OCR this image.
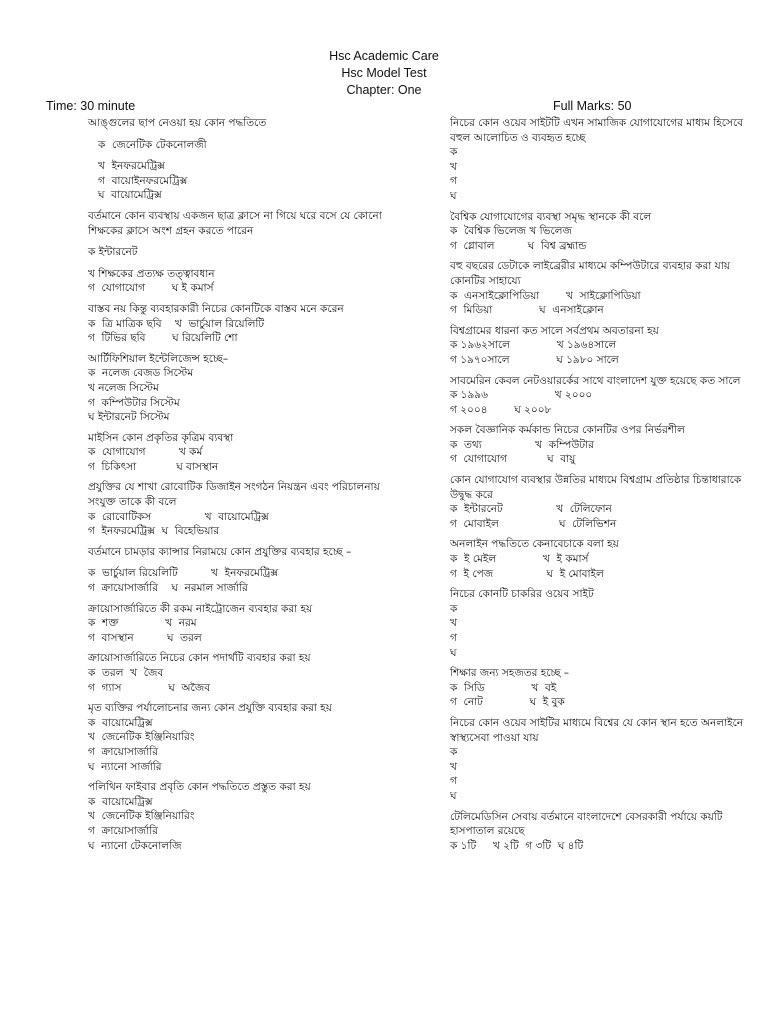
Hsc Academic Care
Hsc Model Test
Chapter: One
Time: 30 minute	Full Marks: 50

আঙ্গুলের ছাপ নেওয়া হয় কোন পদ্ধতিতে

ক  জেনেটিক টেকনোলজী

খ  ইনফরমেট্রিক্স

গ  বায়োইনফরমেট্রিক্স

ঘ  বায়োমেট্রিক্স

বর্তমানে কোন ব্যবস্থায় একজন ছাত্র ক্লাসে না গিয়ে ঘরে বসে যে কোনো শিক্ষকের ক্লাসে অংশ গ্রহন করতে পারেন

ক ইন্টারনেট

খ শিক্ষকের প্রত্যক্ষ তত্ত্বাবধান

গ  যোগাযোগ        ঘ ই কমার্স

বাস্তব নয় কিন্তু ব্যবহারকারী নিচের কোনটিকে বাস্তব মনে করেন

ক  ত্রি মাত্রিক ছবি    খ  ভার্চুয়াল রিয়েলিটি

গ  টিভির ছবি        ঘ রিয়েলিটি শো

আর্টিফিশিয়াল ইন্টেলিজেন্স হচ্ছে–

ক  নলেজ বেজড সিস্টেম

খ নলেজ সিস্টেম

গ  কম্পিউটার সিস্টেম

ঘ ইন্টারনেট সিস্টেম

মাইসিন কোন প্রকৃতির কৃত্রিম ব্যবস্থা

ক  যোগাযোগ          খ কর্ম

গ  চিকিৎসা            ঘ বাসস্থান

প্রযুক্তির যে শাখা রোবোটিক ডিজাইন সংগঠন নিয়ন্ত্রন এবং পরিচালনায় সংযুক্ত তাকে কী বলে

ক  রোবোটিকস                খ  বায়োমেট্রিক্স

গ  ইনফরমেট্রিক্স  ঘ  বিহেভিয়ার

বর্তমানে চামড়ার ক্যান্সার নিরাময়ে কোন প্রযুক্তির ব্যবহার হচ্ছে –

ক  ভার্চুয়াল রিয়েলিটি          খ  ইনফরমেট্রিক্স

গ  ক্রায়োসার্জারি    ঘ  নরমাল সার্জারি

ক্রায়োসার্জারিতে কী রকম নাইট্রোজেন ব্যবহার করা হয়

ক  শক্ত              খ  নরম

গ  বাসস্থান          ঘ  তরল

ক্রায়োসার্জারিতে নিচের কোন পদার্থটি ব্যবহার করা হয়

ক  তরল  খ  জৈব

গ  গ্যাস              ঘ  অজৈব

মৃত ব্যক্তির পর্যালোচনার জন্য কোন প্রযুক্তি ব্যবহার করা হয়

ক  বায়োমেট্রিক্স

খ  জেনেটিক ইঞ্জিনিয়ারিং

গ  ক্রায়োসার্জারি

ঘ  ন্যানো সার্জারি

পলিথিন ফাইবার প্রবৃতি কোন পদ্ধতিতে প্রস্তুত করা হয়

ক  বায়োমেট্রিক্স

খ  জেনেটিক ইঞ্জিনিয়ারিং

গ  ক্রায়োসার্জারি

ঘ  ন্যানো টেকনোলজি

নিচের কোন ওয়েব সাইটটি এখন সামাজিক যোগাযোগের মাধ্যম হিসেবে বহুল আলোচিত ও ব্যবহৃত হচ্ছে

ক

খ

গ

ঘ

বৈশ্বিক যোগাযোগের ব্যবস্থা সমৃদ্ধ স্থানকে কী বলে

ক  বৈশ্বিক ভিলেজ খ ভিলেজ

গ  গ্লোবাল          ঘ  বিশ্ব ব্রহ্মান্ড

বহু বছরের ডেটাকে লাইব্রেরীর মাধ্যমে কম্পিউটারে ব্যবহার করা যায় কোনটির সাহায্যে

ক  এনসাইক্লোপিডিয়া        খ  সাইক্লোপিডিয়া

গ  মিডিয়া              ঘ  এনসাইক্লোন

বিশ্বগ্রামের ধারনা কত সালে সর্বপ্রথম অবতারনা হয়

ক ১৯৬২সালে              খ ১৯৬৪সালে

গ ১৯৭০সালে              ঘ ১৯৮০ সালে

সাবমেরিন কেবল নেটওয়ারর্কের সাথে বাংলাদেশ যুক্ত হয়েছে কত সালে

ক ১৯৯৬                    খ ২০০০

গ ২০০৪        ঘ ২০০৮

সকল বৈজ্ঞানিক কর্মকান্ড নিচের কোনটির ওপর নির্ভরশীল

ক  তথ্য                খ  কম্পিউটার

গ  যোগাযোগ            ঘ  বায়ু

কোন যোগাযোগ ব্যবস্থার উন্নতির মাধ্যমে বিশ্বগ্রাম প্রতিষ্ঠার চিন্তাধারাকে উদ্বুদ্ধ করে

ক  ইন্টারনেট                খ  টেলিফোন

গ  মোবাইল                  ঘ  টেলিভিশন

অনলাইন পদ্ধতিতে কেনাবেচাকে বলা হয়

ক  ই মেইল              খ  ই কমার্স

গ  ই পেজ                ঘ  ই মোবাইল

নিচের কোনটি চাকরির ওয়েব সাইট

ক

খ

গ

ঘ

শিক্ষার জন্য সহজতর হচ্ছে –

ক  সিডি              খ  বই

গ  নোট              ঘ  ই বুক

নিচের কোন ওয়েব সাইটির মাধ্যমে বিশ্বের যে কোন স্থান হতে অনলাইনে স্বাস্থ্যসেবা পাওয়া যায়

ক

খ

গ

ঘ

টেলিমেডিসিন সেবায় বর্তমানে বাংলাদেশে বেসরকারী পর্যায়ে কয়টি হাসপাতাল রয়েছে

ক ১টি     খ ২টি  গ ৩টি  ঘ ৪টি
